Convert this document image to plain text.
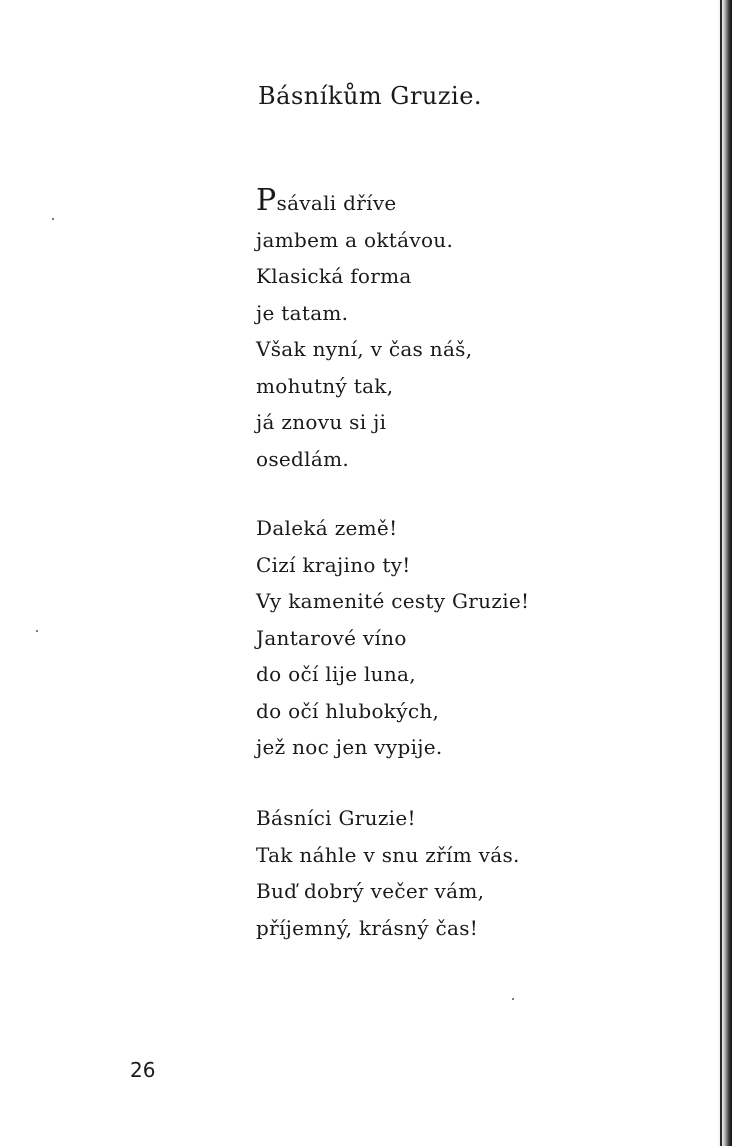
Básníkům Gruzie.
Psávali dříve
jambem a oktávou.
Klasická forma
je tatam.
Však nyní, v čas náš,
mohutný tak,
já znovu si ji
osedlám.
Daleká země!
Cizí krajino ty!
Vy kamenité cesty Gruzie!
Jantarové víno
do očí lije luna,
do očí hlubokých,
jež noc jen vypije.
Básníci Gruzie!
Tak náhle v snu zřím vás.
Buď dobrý večer vám,
příjemný, krásný čas!
26
